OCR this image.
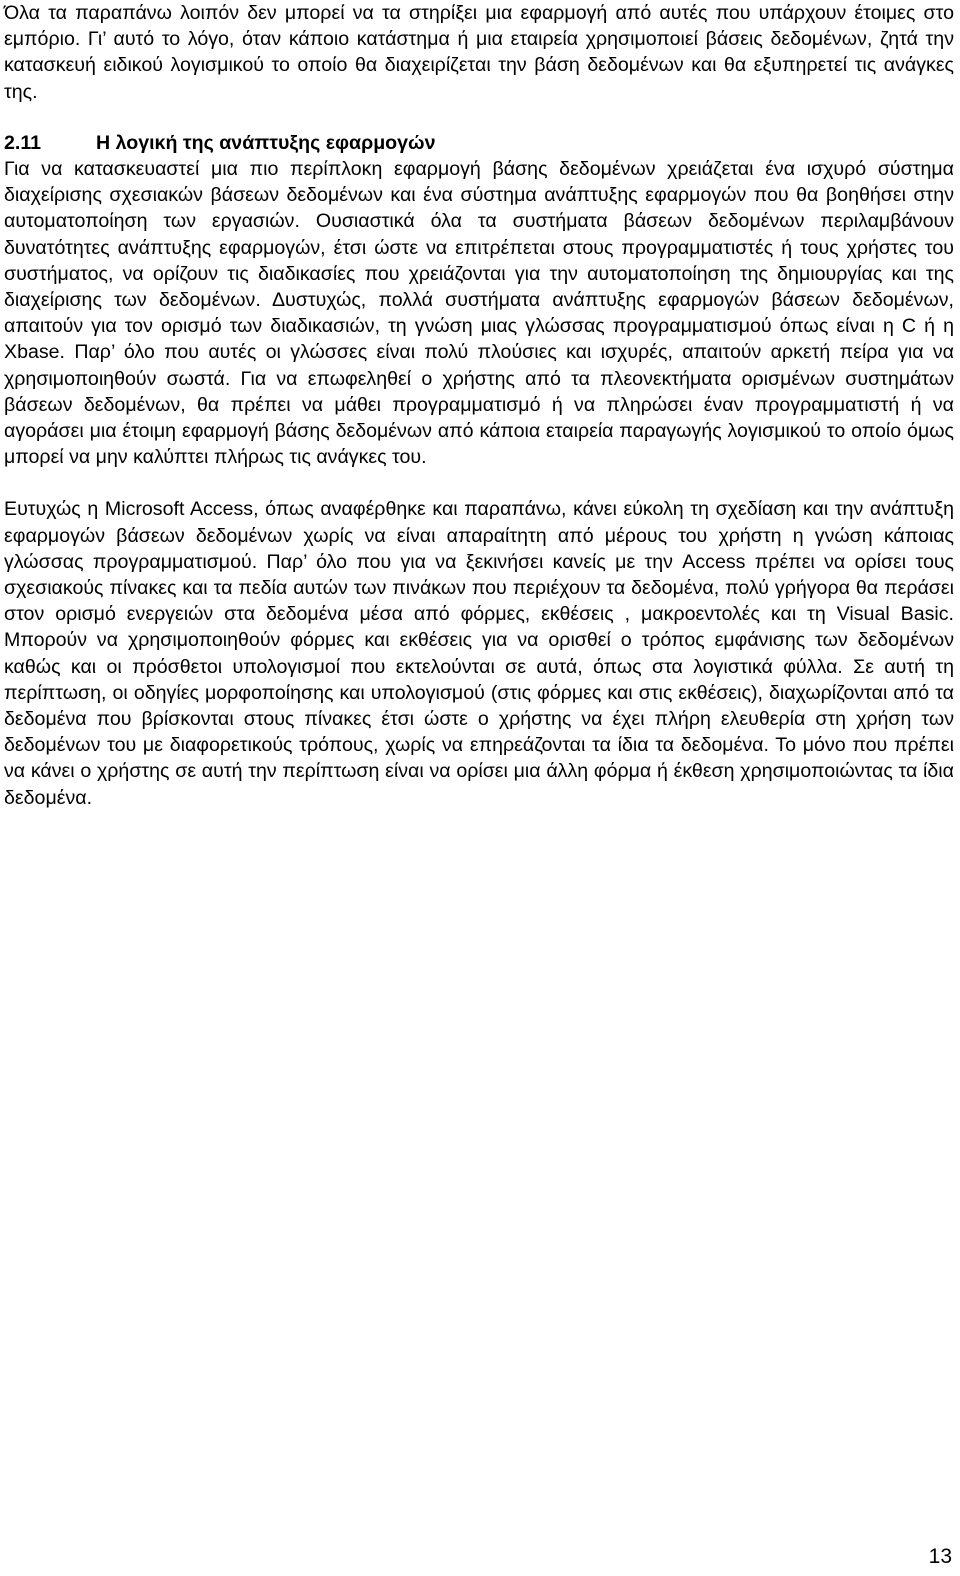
Όλα τα παραπάνω λοιπόν δεν μπορεί να τα στηρίξει μια εφαρμογή από αυτές που υπάρχουν έτοιμες στο εμπόριο. Γι’ αυτό το λόγο, όταν κάποιο κατάστημα ή μια εταιρεία χρησιμοποιεί βάσεις δεδομένων, ζητά την κατασκευή ειδικού λογισμικού το οποίο θα διαχειρίζεται την βάση δεδομένων και θα εξυπηρετεί τις ανάγκες της.

2.11	Η λογική της ανάπτυξης εφαρμογών

Για να κατασκευαστεί μια πιο περίπλοκη εφαρμογή βάσης δεδομένων χρειάζεται ένα ισχυρό σύστημα διαχείρισης σχεσιακών βάσεων δεδομένων και ένα σύστημα ανάπτυξης εφαρμογών που θα βοηθήσει στην αυτοματοποίηση των εργασιών. Ουσιαστικά όλα τα συστήματα βάσεων δεδομένων περιλαμβάνουν δυνατότητες ανάπτυξης εφαρμογών, έτσι ώστε να επιτρέπεται στους προγραμματιστές ή τους χρήστες του συστήματος, να ορίζουν τις διαδικασίες που χρειάζονται για την αυτοματοποίηση της δημιουργίας και της διαχείρισης των δεδομένων. Δυστυχώς, πολλά συστήματα ανάπτυξης εφαρμογών βάσεων δεδομένων, απαιτούν για τον ορισμό των διαδικασιών, τη γνώση μιας γλώσσας προγραμματισμού όπως είναι η C ή η Xbase. Παρ’ όλο που αυτές οι γλώσσες είναι πολύ πλούσιες και ισχυρές, απαιτούν αρκετή πείρα για να χρησιμοποιηθούν σωστά. Για να επωφεληθεί ο χρήστης από τα πλεονεκτήματα ορισμένων συστημάτων βάσεων δεδομένων, θα πρέπει να μάθει προγραμματισμό ή να πληρώσει έναν προγραμματιστή ή να αγοράσει μια έτοιμη εφαρμογή βάσης δεδομένων από κάποια εταιρεία παραγωγής λογισμικού το οποίο όμως μπορεί να μην καλύπτει πλήρως τις ανάγκες του.

Ευτυχώς η Microsoft Access, όπως αναφέρθηκε και παραπάνω, κάνει εύκολη τη σχεδίαση και την ανάπτυξη εφαρμογών βάσεων δεδομένων χωρίς να είναι απαραίτητη από μέρους του χρήστη η γνώση κάποιας γλώσσας προγραμματισμού. Παρ’ όλο που για να ξεκινήσει κανείς με την Access πρέπει να ορίσει τους σχεσιακούς πίνακες και τα πεδία αυτών των πινάκων που περιέχουν τα δεδομένα, πολύ γρήγορα θα περάσει στον ορισμό ενεργειών στα δεδομένα μέσα από φόρμες, εκθέσεις , μακροεντολές και τη Visual Basic. Μπορούν να χρησιμοποιηθούν φόρμες και εκθέσεις για να ορισθεί ο τρόπος εμφάνισης των δεδομένων καθώς και οι πρόσθετοι υπολογισμοί που εκτελούνται σε αυτά, όπως στα λογιστικά φύλλα. Σε αυτή τη περίπτωση, οι οδηγίες μορφοποίησης και υπολογισμού (στις φόρμες και στις εκθέσεις), διαχωρίζονται από τα δεδομένα που βρίσκονται στους πίνακες έτσι ώστε ο χρήστης να έχει πλήρη ελευθερία στη χρήση των δεδομένων του με διαφορετικούς τρόπους, χωρίς να επηρεάζονται τα ίδια τα δεδομένα. Το μόνο που πρέπει να κάνει ο χρήστης σε αυτή την περίπτωση είναι να ορίσει μια άλλη φόρμα ή έκθεση χρησιμοποιώντας τα ίδια δεδομένα.

13
